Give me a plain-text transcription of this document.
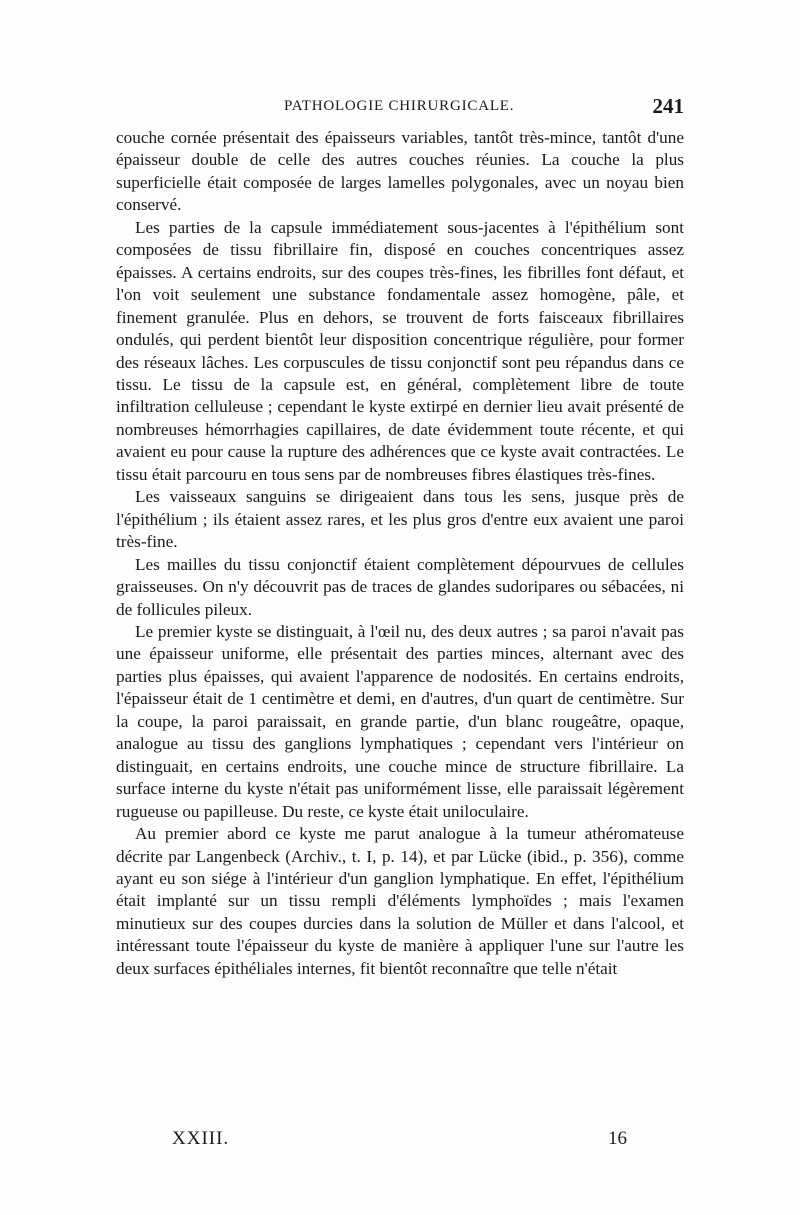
PATHOLOGIE CHIRURGICALE.	241

couche cornée présentait des épaisseurs variables, tantôt très-mince, tantôt d'une épaisseur double de celle des autres couches réunies. La couche la plus superficielle était composée de larges lamelles polygonales, avec un noyau bien conservé.

Les parties de la capsule immédiatement sous-jacentes à l'épithélium sont composées de tissu fibrillaire fin, disposé en couches concentriques assez épaisses. A certains endroits, sur des coupes très-fines, les fibrilles font défaut, et l'on voit seulement une substance fondamentale assez homogène, pâle, et finement granulée. Plus en dehors, se trouvent de forts faisceaux fibrillaires ondulés, qui perdent bientôt leur disposition concentrique régulière, pour former des réseaux lâches. Les corpuscules de tissu conjonctif sont peu répandus dans ce tissu. Le tissu de la capsule est, en général, complètement libre de toute infiltration celluleuse ; cependant le kyste extirpé en dernier lieu avait présenté de nombreuses hémorrhagies capillaires, de date évidemment toute récente, et qui avaient eu pour cause la rupture des adhérences que ce kyste avait contractées. Le tissu était parcouru en tous sens par de nombreuses fibres élastiques très-fines.

Les vaisseaux sanguins se dirigeaient dans tous les sens, jusque près de l'épithélium ; ils étaient assez rares, et les plus gros d'entre eux avaient une paroi très-fine.

Les mailles du tissu conjonctif étaient complètement dépourvues de cellules graisseuses. On n'y découvrit pas de traces de glandes sudoripares ou sébacées, ni de follicules pileux.

Le premier kyste se distinguait, à l'œil nu, des deux autres ; sa paroi n'avait pas une épaisseur uniforme, elle présentait des parties minces, alternant avec des parties plus épaisses, qui avaient l'apparence de nodosités. En certains endroits, l'épaisseur était de 1 centimètre et demi, en d'autres, d'un quart de centimètre. Sur la coupe, la paroi paraissait, en grande partie, d'un blanc rougeâtre, opaque, analogue au tissu des ganglions lymphatiques ; cependant vers l'intérieur on distinguait, en certains endroits, une couche mince de structure fibrillaire. La surface interne du kyste n'était pas uniformément lisse, elle paraissait légèrement rugueuse ou papilleuse. Du reste, ce kyste était uniloculaire.

Au premier abord ce kyste me parut analogue à la tumeur athéromateuse décrite par Langenbeck (Archiv., t. I, p. 14), et par Lücke (ibid., p. 356), comme ayant eu son siége à l'intérieur d'un ganglion lymphatique. En effet, l'épithélium était implanté sur un tissu rempli d'éléments lymphoïdes ; mais l'examen minutieux sur des coupes durcies dans la solution de Müller et dans l'alcool, et intéressant toute l'épaisseur du kyste de manière à appliquer l'une sur l'autre les deux surfaces épithéliales internes, fit bientôt reconnaître que telle n'était

XXIII.	16
